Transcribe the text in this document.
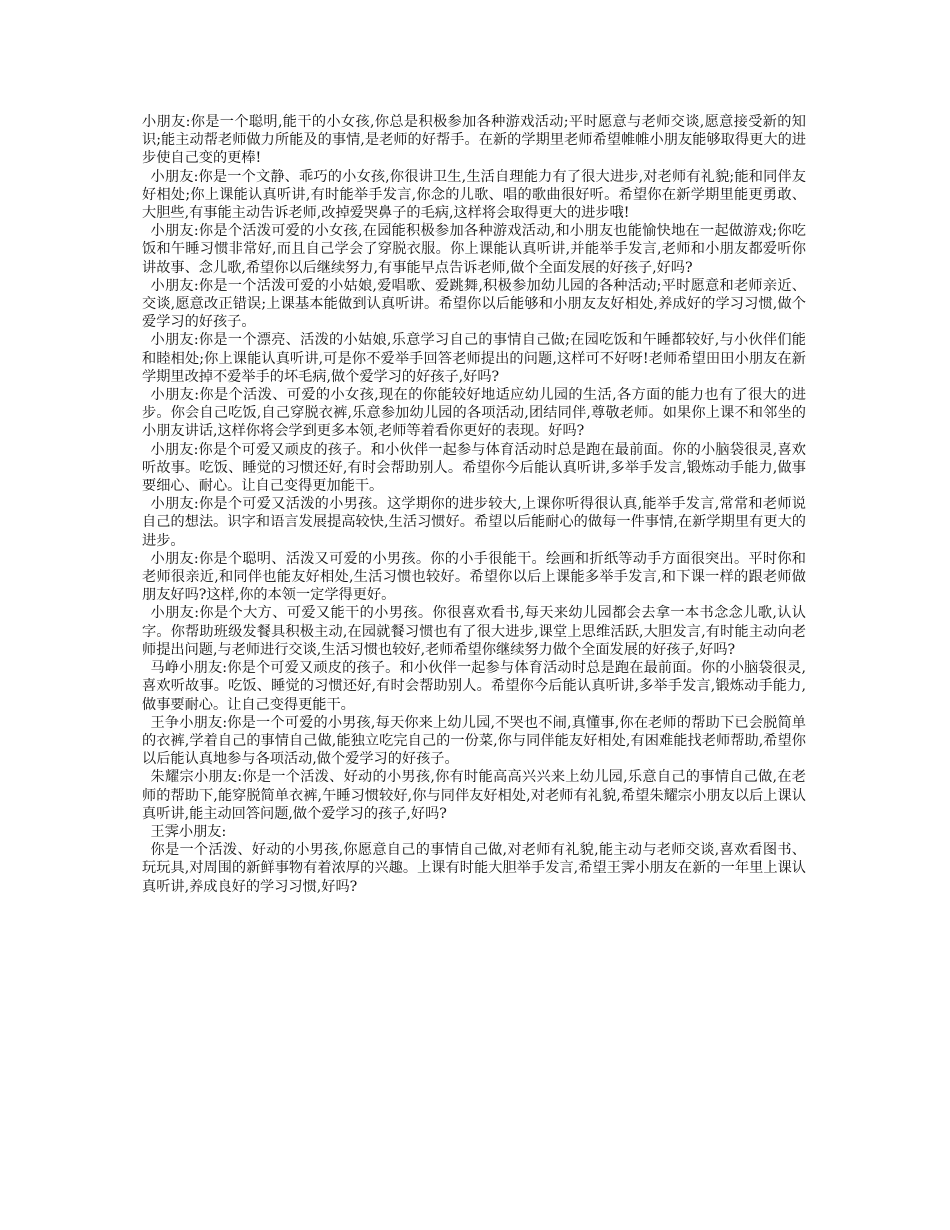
小朋友:你是一个聪明,能干的小女孩,你总是积极参加各种游戏活动;平时愿意与老师交谈,愿意接受新的知识;能主动帮老师做力所能及的事情,是老师的好帮手。在新的学期里老师希望帷帷小朋友能够取得更大的进步使自己变的更棒!

小朋友:你是一个文静、乖巧的小女孩,你很讲卫生,生活自理能力有了很大进步,对老师有礼貌;能和同伴友好相处;你上课能认真听讲,有时能举手发言,你念的儿歌、唱的歌曲很好听。希望你在新学期里能更勇敢、大胆些,有事能主动告诉老师,改掉爱哭鼻子的毛病,这样将会取得更大的进步哦!

小朋友:你是个活泼可爱的小女孩,在园能积极参加各种游戏活动,和小朋友也能愉快地在一起做游戏;你吃饭和午睡习惯非常好,而且自己学会了穿脱衣服。你上课能认真听讲,并能举手发言,老师和小朋友都爱听你讲故事、念儿歌,希望你以后继续努力,有事能早点告诉老师,做个全面发展的好孩子,好吗?

小朋友:你是一个活泼可爱的小姑娘,爱唱歌、爱跳舞,积极参加幼儿园的各种活动;平时愿意和老师亲近、交谈,愿意改正错误;上课基本能做到认真听讲。希望你以后能够和小朋友友好相处,养成好的学习习惯,做个爱学习的好孩子。

小朋友:你是一个漂亮、活泼的小姑娘,乐意学习自己的事情自己做;在园吃饭和午睡都较好,与小伙伴们能和睦相处;你上课能认真听讲,可是你不爱举手回答老师提出的问题,这样可不好呀!老师希望田田小朋友在新学期里改掉不爱举手的坏毛病,做个爱学习的好孩子,好吗?

小朋友:你是个活泼、可爱的小女孩,现在的你能较好地适应幼儿园的生活,各方面的能力也有了很大的进步。你会自己吃饭,自己穿脱衣裤,乐意参加幼儿园的各项活动,团结同伴,尊敬老师。如果你上课不和邻坐的小朋友讲话,这样你将会学到更多本领,老师等着看你更好的表现。好吗?

小朋友:你是个可爱又顽皮的孩子。和小伙伴一起参与体育活动时总是跑在最前面。你的小脑袋很灵,喜欢听故事。吃饭、睡觉的习惯还好,有时会帮助别人。希望你今后能认真听讲,多举手发言,锻炼动手能力,做事要细心、耐心。让自己变得更加能干。

小朋友:你是个可爱又活泼的小男孩。这学期你的进步较大,上课你听得很认真,能举手发言,常常和老师说自己的想法。识字和语言发展提高较快,生活习惯好。希望以后能耐心的做每一件事情,在新学期里有更大的进步。

小朋友:你是个聪明、活泼又可爱的小男孩。你的小手很能干。绘画和折纸等动手方面很突出。平时你和老师很亲近,和同伴也能友好相处,生活习惯也较好。希望你以后上课能多举手发言,和下课一样的跟老师做朋友好吗?这样,你的本领一定学得更好。

小朋友:你是个大方、可爱又能干的小男孩。你很喜欢看书,每天来幼儿园都会去拿一本书念念儿歌,认认字。你帮助班级发餐具积极主动,在园就餐习惯也有了很大进步,课堂上思维活跃,大胆发言,有时能主动向老师提出问题,与老师进行交谈,生活习惯也较好,老师希望你继续努力做个全面发展的好孩子,好吗?

马峥小朋友:你是个可爱又顽皮的孩子。和小伙伴一起参与体育活动时总是跑在最前面。你的小脑袋很灵,喜欢听故事。吃饭、睡觉的习惯还好,有时会帮助别人。希望你今后能认真听讲,多举手发言,锻炼动手能力,做事要耐心。让自己变得更能干。

王争小朋友:你是一个可爱的小男孩,每天你来上幼儿园,不哭也不闹,真懂事,你在老师的帮助下已会脱简单的衣裤,学着自己的事情自己做,能独立吃完自己的一份菜,你与同伴能友好相处,有困难能找老师帮助,希望你以后能认真地参与各项活动,做个爱学习的好孩子。

朱耀宗小朋友:你是一个活泼、好动的小男孩,你有时能高高兴兴来上幼儿园,乐意自己的事情自己做,在老师的帮助下,能穿脱简单衣裤,午睡习惯较好,你与同伴友好相处,对老师有礼貌,希望朱耀宗小朋友以后上课认真听讲,能主动回答问题,做个爱学习的孩子,好吗?

王霁小朋友:

你是一个活泼、好动的小男孩,你愿意自己的事情自己做,对老师有礼貌,能主动与老师交谈,喜欢看图书、玩玩具,对周围的新鲜事物有着浓厚的兴趣。上课有时能大胆举手发言,希望王霁小朋友在新的一年里上课认真听讲,养成良好的学习习惯,好吗?
